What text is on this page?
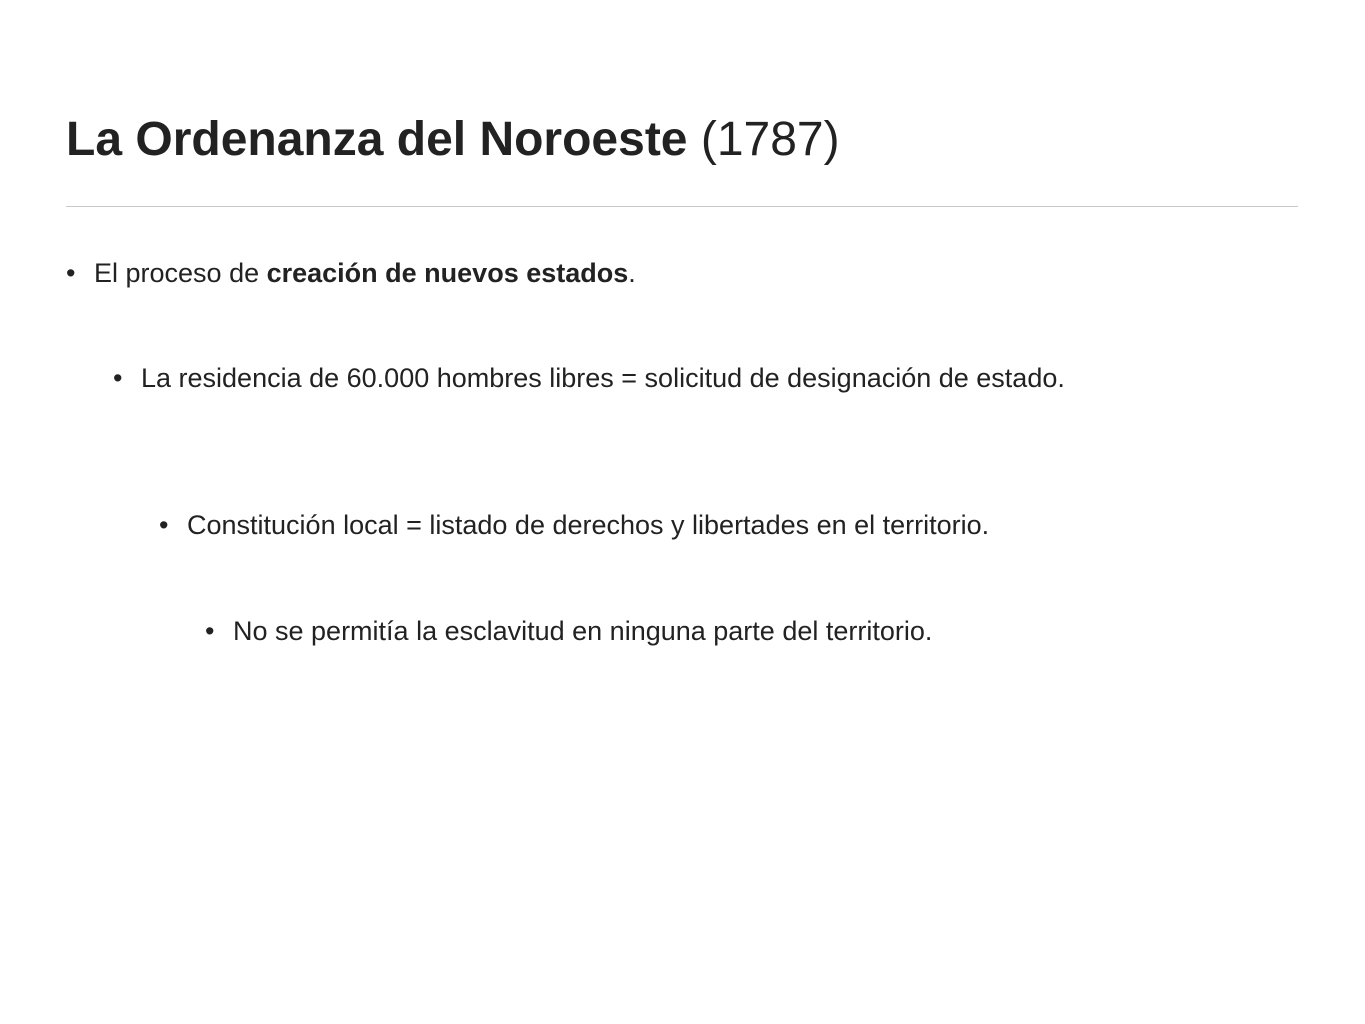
La Ordenanza del Noroeste (1787)
• El proceso de creación de nuevos estados.
• La residencia de 60.000 hombres libres = solicitud de designación de estado.
• Constitución local = listado de derechos y libertades en el territorio.
• No se permitía la esclavitud en ninguna parte del territorio.
